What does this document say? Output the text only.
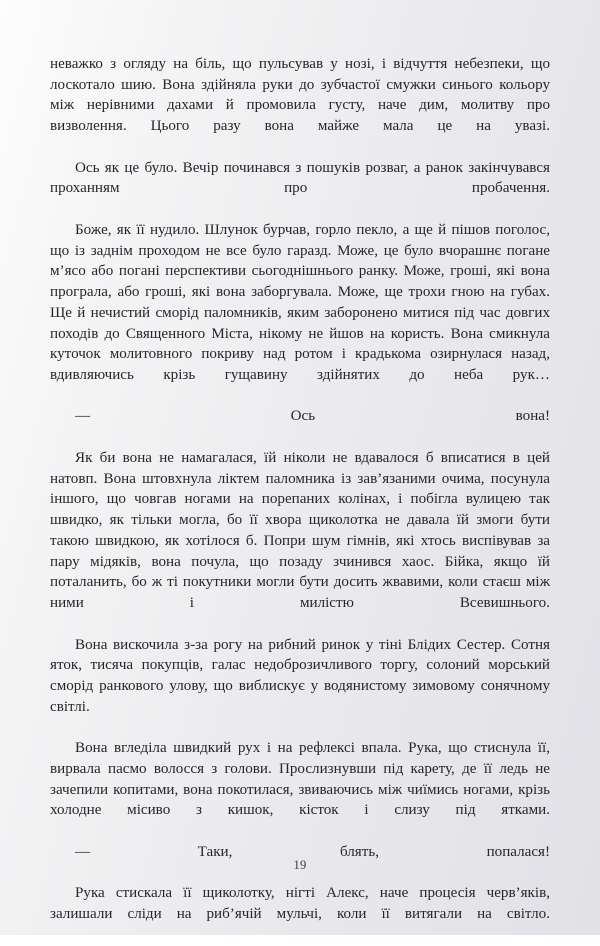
неважко з огляду на біль, що пульсував у нозі, і відчуття небезпеки, що лоскотало шию. Вона здійняла руки до зубчастої смужки синього кольору між нерівними дахами й промовила густу, наче дим, молитву про визволення. Цього разу вона майже мала це на увазі.

Ось як це було. Вечір починався з пошуків розваг, а ранок закінчувався проханням про пробачення.

Боже, як її нудило. Шлунок бурчав, горло пекло, а ще й пішов поголос, що із заднім проходом не все було гаразд. Може, це було вчорашнє погане м’ясо або погані перспективи сьогоднішнього ранку. Може, гроші, які вона програла, або гроші, які вона заборгувала. Може, ще трохи гною на губах. Ще й нечистий сморід паломників, яким заборонено митися під час довгих походів до Священного Міста, нікому не йшов на користь. Вона смикнула куточок молитовного покриву над ротом і крадькома озирнулася назад, вдивляючись крізь гущавину здійнятих до неба рук…

— Ось вона!

Як би вона не намагалася, їй ніколи не вдавалося б вписатися в цей натовп. Вона штовхнула ліктем паломника із зав’язаними очима, посунула іншого, що човгав ногами на порепаних колінах, і побігла вулицею так швидко, як тільки могла, бо її хвора щиколотка не давала їй змоги бути такою швидкою, як хотілося б. Попри шум гімнів, які хтось виспівував за пару мідяків, вона почула, що позаду зчинився хаос. Бійка, якщо їй поталанить, бо ж ті покутники могли бути досить жвавими, коли стаєш між ними і милістю Всевишнього.

Вона вискочила з-за рогу на рибний ринок у тіні Блідих Сестер. Сотня яток, тисяча покупців, галас недоброзичливого торгу, солоний морський сморід ранкового улову, що виблискує у водянистому зимовому сонячному світлі.

Вона вгледіла швидкий рух і на рефлексі впала. Рука, що стиснула її, вирвала пасмо волосся з голови. Прослизнувши під карету, де її ледь не зачепили копитами, вона покотилася, звиваючись між чиїмись ногами, крізь холодне місиво з кишок, кісток і слизу під ятками.

— Таки, блять, попалася!

Рука стискала її щиколотку, нігті Алекс, наче процесія черв’яків, залишали сліди на риб’ячій мульчі, коли її витягали на світло.

19
